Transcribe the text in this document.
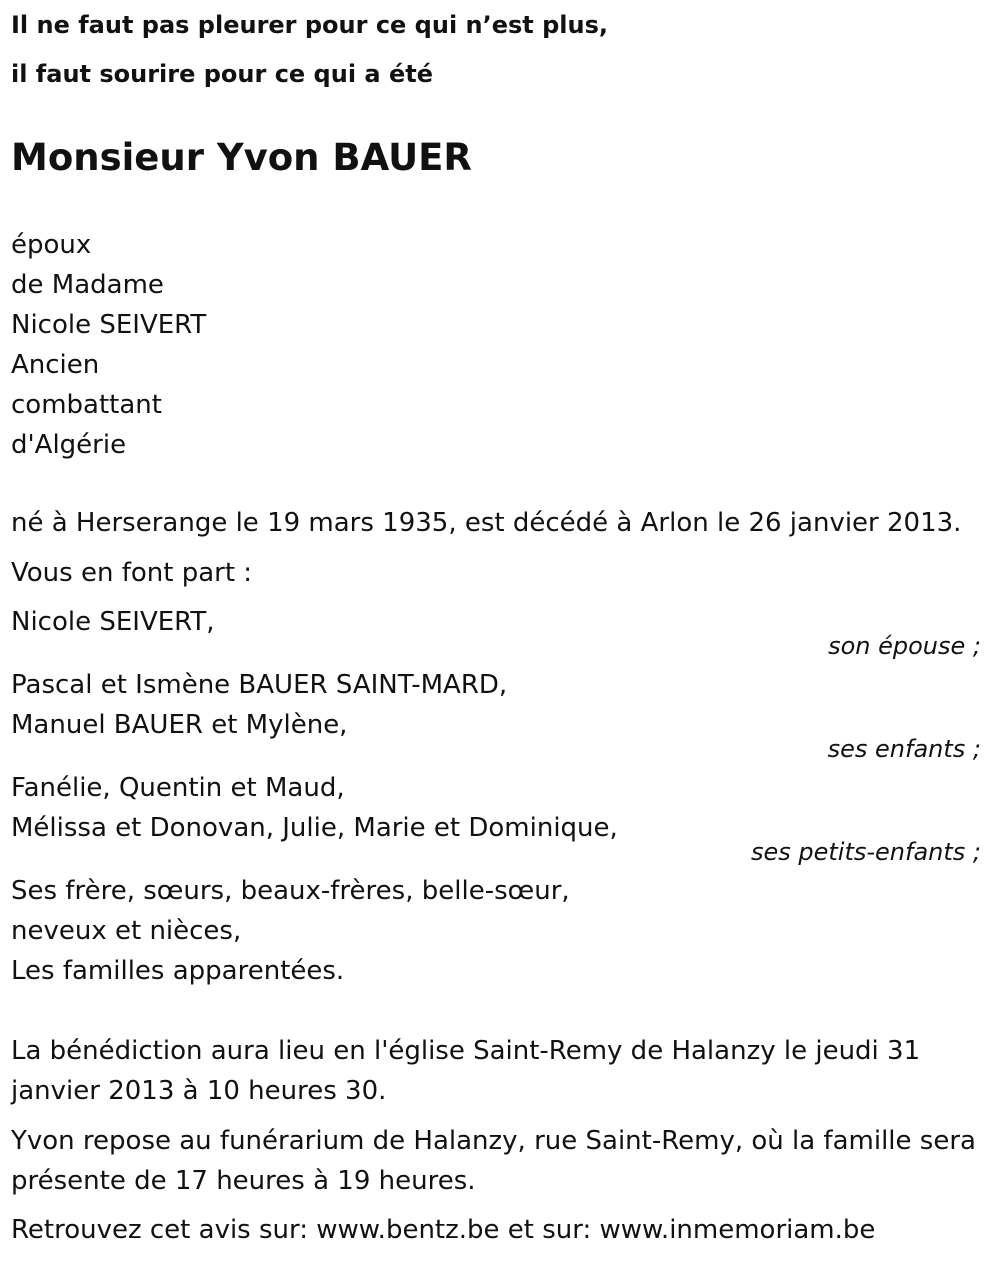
Il ne faut pas pleurer pour ce qui n’est plus,

il faut sourire pour ce qui a été

Monsieur Yvon BAUER
époux
de Madame
Nicole SEIVERT
Ancien
combattant
d'Algérie
né à Herserange le 19 mars 1935, est décédé à Arlon le 26 janvier 2013.
Vous en font part :
Nicole SEIVERT,
son épouse ;
Pascal et Ismène BAUER SAINT-MARD,
Manuel BAUER et Mylène,
ses enfants ;
Fanélie, Quentin et Maud,
Mélissa et Donovan, Julie, Marie et Dominique,
ses petits-enfants ;
Ses frère, sœurs, beaux-frères, belle-sœur,
neveux et nièces,
Les familles apparentées.
La bénédiction aura lieu en l'église Saint-Remy de Halanzy le jeudi 31
janvier 2013 à 10 heures 30.
Yvon repose au funérarium de Halanzy, rue Saint-Remy, où la famille sera
présente de 17 heures à 19 heures.
Retrouvez cet avis sur: www.bentz.be et sur: www.inmemoriam.be
